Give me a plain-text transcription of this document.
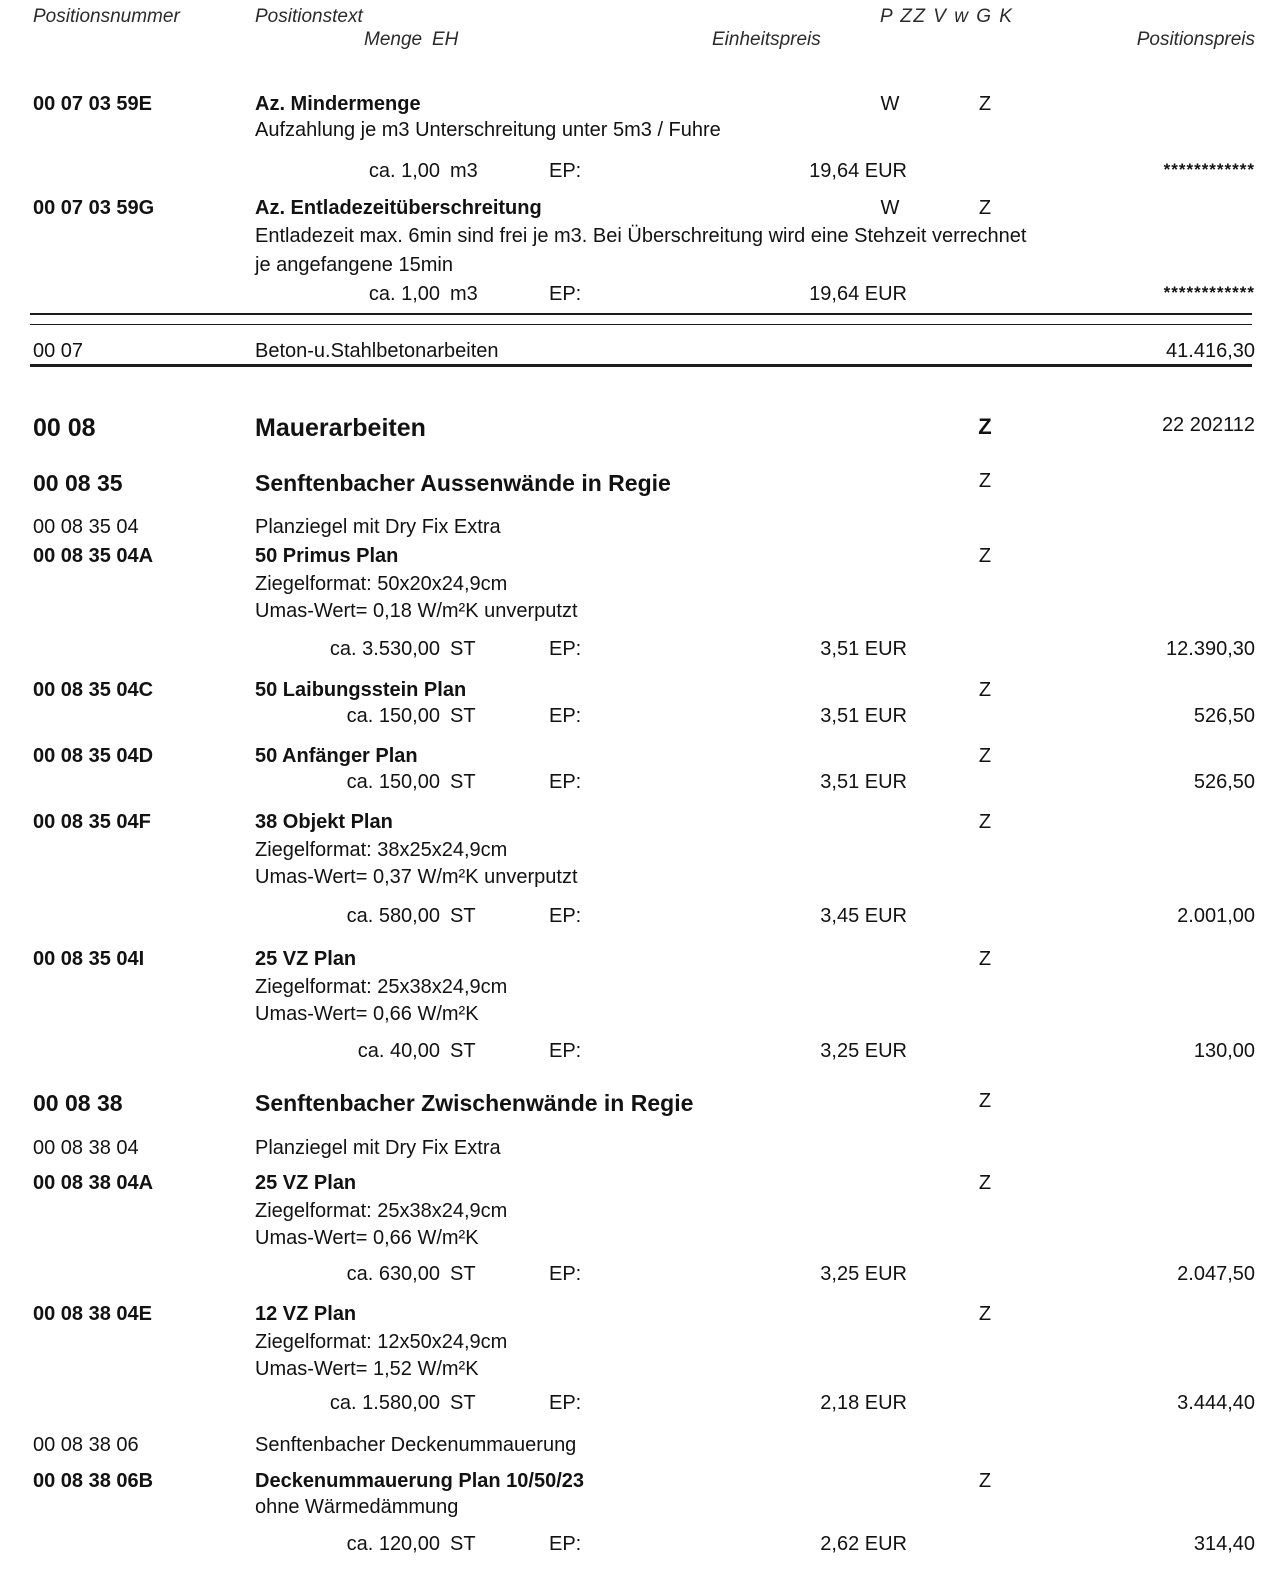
Positionsnummer	Positionstext	P ZZ V w G K
Menge EH	Einheitspreis	Positionspreis
00 07 03 59E	Az. Mindermenge	W	Z
Aufzahlung je m3 Unterschreitung unter 5m3 / Fuhre
ca. 1,00 m3	EP:	19,64 EUR	************
00 07 03 59G	Az. Entladezeitüberschreitung	W	Z
Entladezeit max. 6min sind frei je m3. Bei Überschreitung wird eine Stehzeit verrechnet
je angefangene 15min
ca. 1,00 m3	EP:	19,64 EUR	************
00 07	Beton-u.Stahlbetonarbeiten	41.416,30
00 08	Mauerarbeiten	Z	22 202112
00 08 35	Senftenbacher Aussenwände in Regie	Z
00 08 35 04	Planziegel mit Dry Fix Extra
00 08 35 04A	50 Primus Plan	Z
Ziegelformat: 50x20x24,9cm
Umas-Wert= 0,18 W/m²K unverputzt
ca. 3.530,00 ST	EP:	3,51 EUR	12.390,30
00 08 35 04C	50 Laibungsstein Plan	Z
ca. 150,00 ST	EP:	3,51 EUR	526,50
00 08 35 04D	50 Anfänger Plan	Z
ca. 150,00 ST	EP:	3,51 EUR	526,50
00 08 35 04F	38 Objekt Plan	Z
Ziegelformat: 38x25x24,9cm
Umas-Wert= 0,37 W/m²K unverputzt
ca. 580,00 ST	EP:	3,45 EUR	2.001,00
00 08 35 04I	25 VZ Plan	Z
Ziegelformat: 25x38x24,9cm
Umas-Wert= 0,66 W/m²K
ca. 40,00 ST	EP:	3,25 EUR	130,00
00 08 38	Senftenbacher Zwischenwände in Regie	Z
00 08 38 04	Planziegel mit Dry Fix Extra
00 08 38 04A	25 VZ Plan	Z
Ziegelformat: 25x38x24,9cm
Umas-Wert= 0,66 W/m²K
ca. 630,00 ST	EP:	3,25 EUR	2.047,50
00 08 38 04E	12 VZ Plan	Z
Ziegelformat: 12x50x24,9cm
Umas-Wert= 1,52 W/m²K
ca. 1.580,00 ST	EP:	2,18 EUR	3.444,40
00 08 38 06	Senftenbacher Deckenummauerung
00 08 38 06B	Deckenummauerung Plan 10/50/23	Z
ohne Wärmedämmung
ca. 120,00 ST	EP:	2,62 EUR	314,40
